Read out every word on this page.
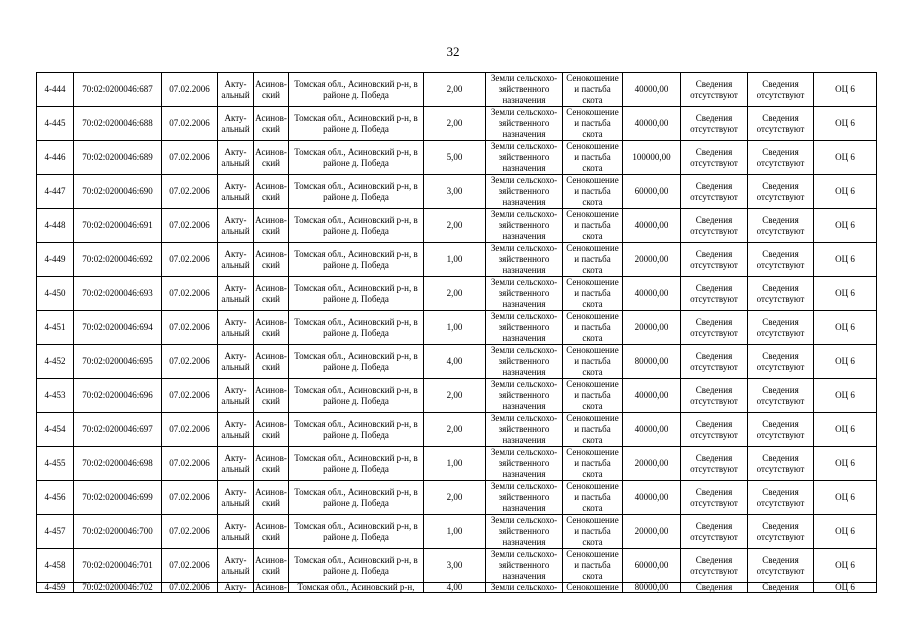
32
4-444	70:02:0200046:687	07.02.2006	Акту-альный	Асинов-ский	Томская обл., Асиновский р-н, в районе д. Победа	2,00	Земли сельскохо-зяйственного назначения	Сенокошение и пастьба скота	40000,00	Сведения отсутствуют	Сведения отсутствуют	ОЦ 6
4-445	70:02:0200046:688	07.02.2006	Акту-альный	Асинов-ский	Томская обл., Асиновский р-н, в районе д. Победа	2,00	Земли сельскохо-зяйственного назначения	Сенокошение и пастьба скота	40000,00	Сведения отсутствуют	Сведения отсутствуют	ОЦ 6
4-446	70:02:0200046:689	07.02.2006	Акту-альный	Асинов-ский	Томская обл., Асиновский р-н, в районе д. Победа	5,00	Земли сельскохо-зяйственного назначения	Сенокошение и пастьба скота	100000,00	Сведения отсутствуют	Сведения отсутствуют	ОЦ 6
4-447	70:02:0200046:690	07.02.2006	Акту-альный	Асинов-ский	Томская обл., Асиновский р-н, в районе д. Победа	3,00	Земли сельскохо-зяйственного назначения	Сенокошение и пастьба скота	60000,00	Сведения отсутствуют	Сведения отсутствуют	ОЦ 6
4-448	70:02:0200046:691	07.02.2006	Акту-альный	Асинов-ский	Томская обл., Асиновский р-н, в районе д. Победа	2,00	Земли сельскохо-зяйственного назначения	Сенокошение и пастьба скота	40000,00	Сведения отсутствуют	Сведения отсутствуют	ОЦ 6
4-449	70:02:0200046:692	07.02.2006	Акту-альный	Асинов-ский	Томская обл., Асиновский р-н, в районе д. Победа	1,00	Земли сельскохо-зяйственного назначения	Сенокошение и пастьба скота	20000,00	Сведения отсутствуют	Сведения отсутствуют	ОЦ 6
4-450	70:02:0200046:693	07.02.2006	Акту-альный	Асинов-ский	Томская обл., Асиновский р-н, в районе д. Победа	2,00	Земли сельскохо-зяйственного назначения	Сенокошение и пастьба скота	40000,00	Сведения отсутствуют	Сведения отсутствуют	ОЦ 6
4-451	70:02:0200046:694	07.02.2006	Акту-альный	Асинов-ский	Томская обл., Асиновский р-н, в районе д. Победа	1,00	Земли сельскохо-зяйственного назначения	Сенокошение и пастьба скота	20000,00	Сведения отсутствуют	Сведения отсутствуют	ОЦ 6
4-452	70:02:0200046:695	07.02.2006	Акту-альный	Асинов-ский	Томская обл., Асиновский р-н, в районе д. Победа	4,00	Земли сельскохо-зяйственного назначения	Сенокошение и пастьба скота	80000,00	Сведения отсутствуют	Сведения отсутствуют	ОЦ 6
4-453	70:02:0200046:696	07.02.2006	Акту-альный	Асинов-ский	Томская обл., Асиновский р-н, в районе д. Победа	2,00	Земли сельскохо-зяйственного назначения	Сенокошение и пастьба скота	40000,00	Сведения отсутствуют	Сведения отсутствуют	ОЦ 6
4-454	70:02:0200046:697	07.02.2006	Акту-альный	Асинов-ский	Томская обл., Асиновский р-н, в районе д. Победа	2,00	Земли сельскохо-зяйственного назначения	Сенокошение и пастьба скота	40000,00	Сведения отсутствуют	Сведения отсутствуют	ОЦ 6
4-455	70:02:0200046:698	07.02.2006	Акту-альный	Асинов-ский	Томская обл., Асиновский р-н, в районе д. Победа	1,00	Земли сельскохо-зяйственного назначения	Сенокошение и пастьба скота	20000,00	Сведения отсутствуют	Сведения отсутствуют	ОЦ 6
4-456	70:02:0200046:699	07.02.2006	Акту-альный	Асинов-ский	Томская обл., Асиновский р-н, в районе д. Победа	2,00	Земли сельскохо-зяйственного назначения	Сенокошение и пастьба скота	40000,00	Сведения отсутствуют	Сведения отсутствуют	ОЦ 6
4-457	70:02:0200046:700	07.02.2006	Акту-альный	Асинов-ский	Томская обл., Асиновский р-н, в районе д. Победа	1,00	Земли сельскохо-зяйственного назначения	Сенокошение и пастьба скота	20000,00	Сведения отсутствуют	Сведения отсутствуют	ОЦ 6
4-458	70:02:0200046:701	07.02.2006	Акту-альный	Асинов-ский	Томская обл., Асиновский р-н, в районе д. Победа	3,00	Земли сельскохо-зяйственного назначения	Сенокошение и пастьба скота	60000,00	Сведения отсутствуют	Сведения отсутствуют	ОЦ 6
4-459	70:02:0200046:702	07.02.2006	Акту-	Асинов-	Томская обл., Асиновский р-н,	4,00	Земли сельскохо-	Сенокошение	80000,00	Сведения	Сведения	ОЦ 6
